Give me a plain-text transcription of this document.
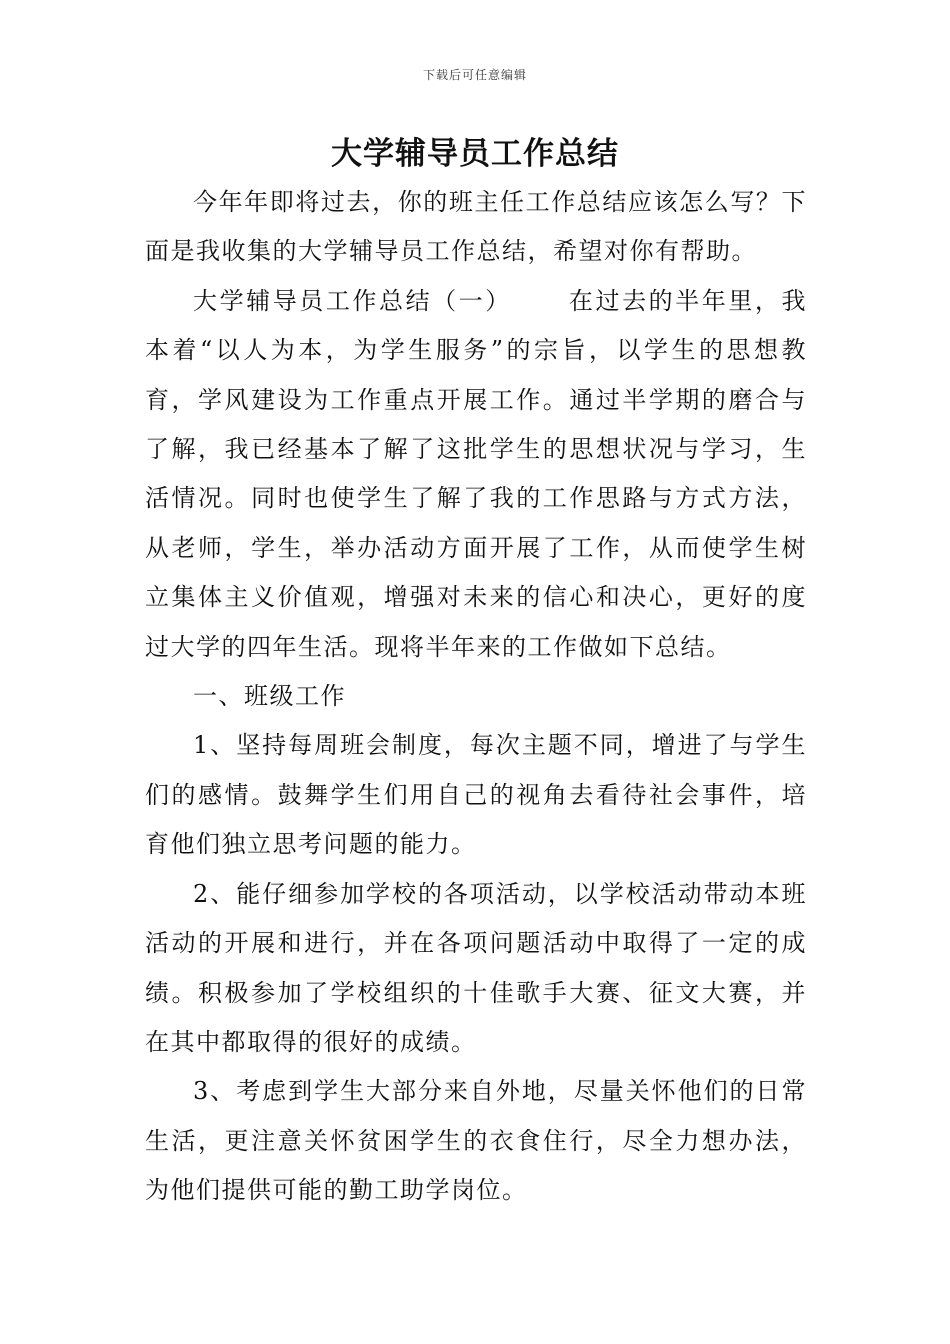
下载后可任意编辑
大学辅导员工作总结

今年年即将过去，你的班主任工作总结应该怎么写？下面是我收集的大学辅导员工作总结，希望对你有帮助。

大学辅导员工作总结（一） 在过去的半年里，我本着“以人为本，为学生服务”的宗旨，以学生的思想教育，学风建设为工作重点开展工作。通过半学期的磨合与了解，我已经基本了解了这批学生的思想状况与学习，生活情况。同时也使学生了解了我的工作思路与方式方法，从老师，学生，举办活动方面开展了工作，从而使学生树立集体主义价值观，增强对未来的信心和决心，更好的度过大学的四年生活。现将半年来的工作做如下总结。

一、班级工作

1、坚持每周班会制度，每次主题不同，增进了与学生们的感情。鼓舞学生们用自己的视角去看待社会事件，培育他们独立思考问题的能力。

2、能仔细参加学校的各项活动，以学校活动带动本班活动的开展和进行，并在各项问题活动中取得了一定的成绩。积极参加了学校组织的十佳歌手大赛、征文大赛，并在其中都取得的很好的成绩。

3、考虑到学生大部分来自外地，尽量关怀他们的日常生活，更注意关怀贫困学生的衣食住行，尽全力想办法，为他们提供可能的勤工助学岗位。
